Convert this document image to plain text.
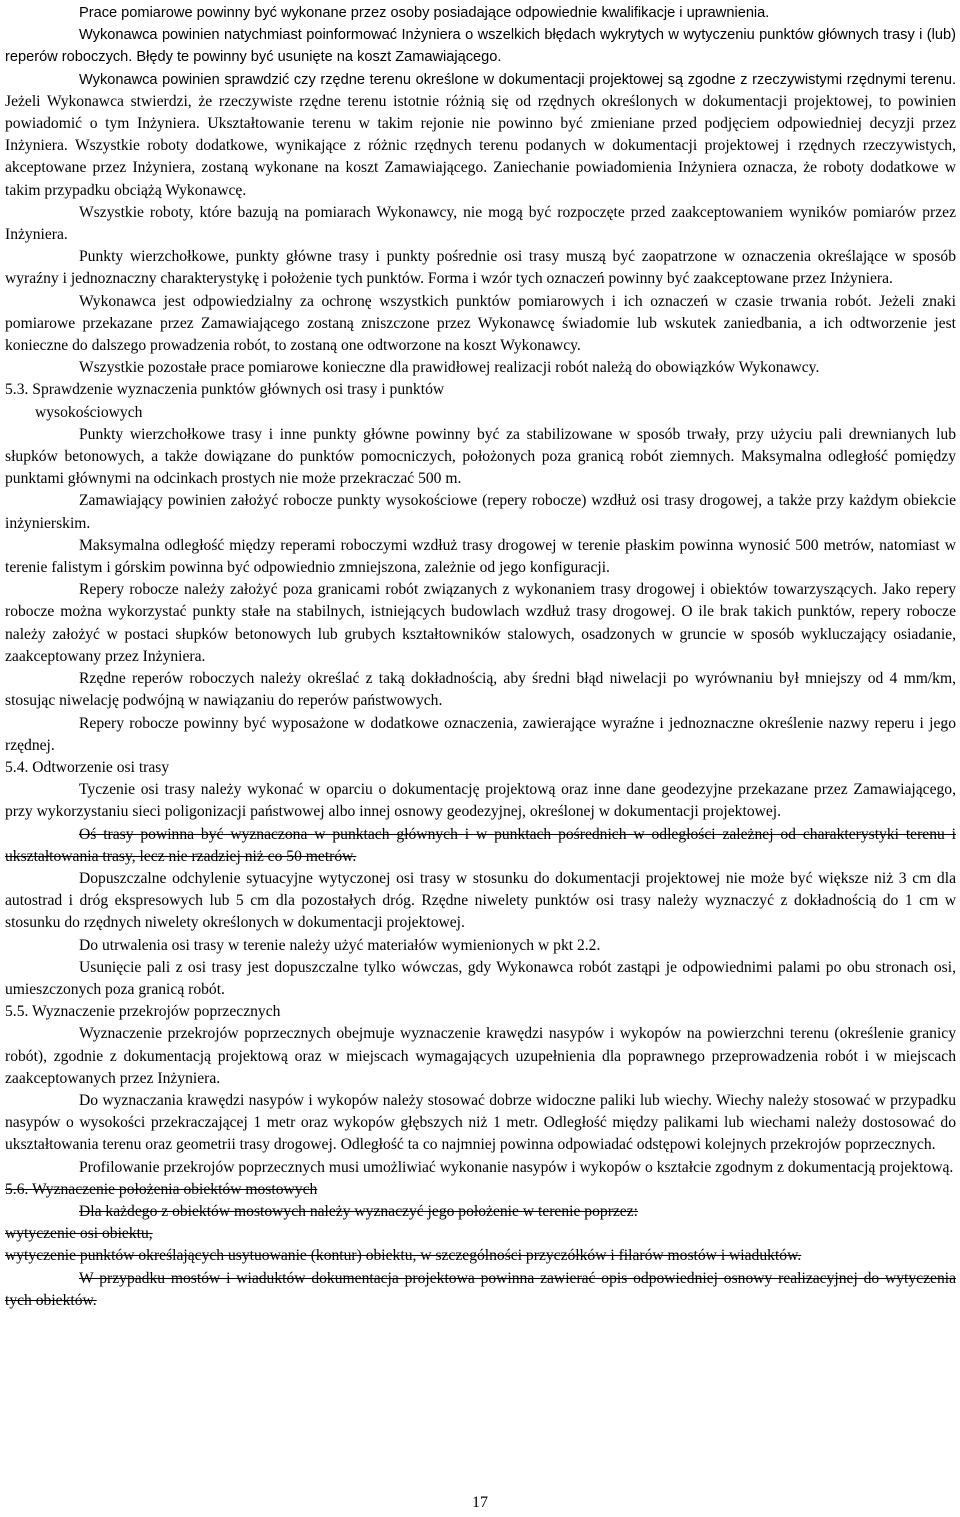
Prace pomiarowe powinny być wykonane przez osoby posiadające odpowiednie kwalifikacje i uprawnienia.

Wykonawca powinien natychmiast poinformować Inżyniera o wszelkich błędach wykrytych w wytyczeniu punktów głównych trasy i (lub) reperów roboczych. Błędy te powinny być usunięte na koszt Zamawiającego.

Wykonawca powinien sprawdzić czy rzędne terenu określone w dokumentacji projektowej są zgodne z rzeczywistymi rzędnymi terenu. Jeżeli Wykonawca stwierdzi, że rzeczywiste rzędne terenu istotnie różnią się od rzędnych określonych w dokumentacji projektowej, to powinien powiadomić o tym Inżyniera. Ukształtowanie terenu w takim rejonie nie powinno być zmieniane przed podjęciem odpowiedniej decyzji przez Inżyniera. Wszystkie roboty dodatkowe, wynikające z różnic rzędnych terenu podanych w dokumentacji projektowej i rzędnych rzeczywistych, akceptowane przez Inżyniera, zostaną wykonane na koszt Zamawiającego. Zaniechanie powiadomienia Inżyniera oznacza, że roboty dodatkowe w takim przypadku obciążą Wykonawcę.

Wszystkie roboty, które bazują na pomiarach Wykonawcy, nie mogą być rozpoczęte przed zaakceptowaniem wyników pomiarów przez Inżyniera.

Punkty wierzchołkowe, punkty główne trasy i punkty pośrednie osi trasy muszą być zaopatrzone w oznaczenia określające w sposób wyraźny i jednoznaczny charakterystykę i położenie tych punktów. Forma i wzór tych oznaczeń powinny być zaakceptowane przez Inżyniera.

Wykonawca jest odpowiedzialny za ochronę wszystkich punktów pomiarowych i ich oznaczeń w czasie trwania robót. Jeżeli znaki pomiarowe przekazane przez Zamawiającego zostaną zniszczone przez Wykonawcę świadomie lub wskutek zaniedbania, a ich odtworzenie jest konieczne do dalszego prowadzenia robót, to zostaną one odtworzone na koszt Wykonawcy.

Wszystkie pozostałe prace pomiarowe konieczne dla prawidłowej realizacji robót należą do obowiązków Wykonawcy.

5.3. Sprawdzenie wyznaczenia punktów głównych osi trasy i punktów

wysokościowych

Punkty wierzchołkowe trasy i inne punkty główne powinny być za stabilizowane w sposób trwały, przy użyciu pali drewnianych lub słupków betonowych, a także dowiązane do punktów pomocniczych, położonych poza granicą robót ziemnych. Maksymalna odległość pomiędzy punktami głównymi na odcinkach prostych nie może przekraczać 500 m.

Zamawiający powinien założyć robocze punkty wysokościowe (repery robocze) wzdłuż osi trasy drogowej, a także przy każdym obiekcie inżynierskim.

Maksymalna odległość między reperami roboczymi wzdłuż trasy drogowej w terenie płaskim powinna wynosić 500 metrów, natomiast w terenie falistym i górskim powinna być odpowiednio zmniejszona, zależnie od jego konfiguracji.

Repery robocze należy założyć poza granicami robót związanych z wykonaniem trasy drogowej i obiektów towarzyszących. Jako repery robocze można wykorzystać punkty stałe na stabilnych, istniejących budowlach wzdłuż trasy drogowej. O ile brak takich punktów, repery robocze należy założyć w postaci słupków betonowych lub grubych kształtowników stalowych, osadzonych w gruncie w sposób wykluczający osiadanie, zaakceptowany przez Inżyniera.

Rzędne reperów roboczych należy określać z taką dokładnością, aby średni błąd niwelacji po wyrównaniu był mniejszy od 4 mm/km, stosując niwelację podwójną w nawiązaniu do reperów państwowych.

Repery robocze powinny być wyposażone w dodatkowe oznaczenia, zawierające wyraźne i jednoznaczne określenie nazwy reperu i jego rzędnej.

5.4. Odtworzenie osi trasy

Tyczenie osi trasy należy wykonać w oparciu o dokumentację projektową oraz inne dane geodezyjne przekazane przez Zamawiającego, przy wykorzystaniu sieci poligonizacji państwowej albo innej osnowy geodezyjnej, określonej w dokumentacji projektowej.

Oś trasy powinna być wyznaczona w punktach głównych i w punktach pośrednich w odległości zależnej od charakterystyki terenu i ukształtowania trasy, lecz nie rzadziej niż co 50 metrów.

Dopuszczalne odchylenie sytuacyjne wytyczonej osi trasy w stosunku do dokumentacji projektowej nie może być większe niż 3 cm dla autostrad i dróg ekspresowych lub 5 cm dla pozostałych dróg. Rzędne niwelety punktów osi trasy należy wyznaczyć z dokładnością do 1 cm w stosunku do rzędnych niwelety określonych w dokumentacji projektowej.

Do utrwalenia osi trasy w terenie należy użyć materiałów wymienionych w pkt 2.2.

Usunięcie pali z osi trasy jest dopuszczalne tylko wówczas, gdy Wykonawca robót zastąpi je odpowiednimi palami po obu stronach osi, umieszczonych poza granicą robót.

5.5. Wyznaczenie przekrojów poprzecznych

Wyznaczenie przekrojów poprzecznych obejmuje wyznaczenie krawędzi nasypów i wykopów na powierzchni terenu (określenie granicy robót), zgodnie z dokumentacją projektową oraz w miejscach wymagających uzupełnienia dla poprawnego przeprowadzenia robót i w miejscach zaakceptowanych przez Inżyniera.

Do wyznaczania krawędzi nasypów i wykopów należy stosować dobrze widoczne paliki lub wiechy. Wiechy należy stosować w przypadku nasypów o wysokości przekraczającej 1 metr oraz wykopów głębszych niż 1 metr. Odległość między palikami lub wiechami należy dostosować do ukształtowania terenu oraz geometrii trasy drogowej. Odległość ta co najmniej powinna odpowiadać odstępowi kolejnych przekrojów poprzecznych.

Profilowanie przekrojów poprzecznych musi umożliwiać wykonanie nasypów i wykopów o kształcie zgodnym z dokumentacją projektową.

5.6. Wyznaczenie położenia obiektów mostowych

Dla każdego z obiektów mostowych należy wyznaczyć jego położenie w terenie poprzez:

wytyczenie osi obiektu,

wytyczenie punktów określających usytuowanie (kontur) obiektu, w szczególności przyczółków i filarów mostów i wiaduktów.

W przypadku mostów i wiaduktów dokumentacja projektowa powinna zawierać opis odpowiedniej osnowy realizacyjnej do wytyczenia tych obiektów.

17
